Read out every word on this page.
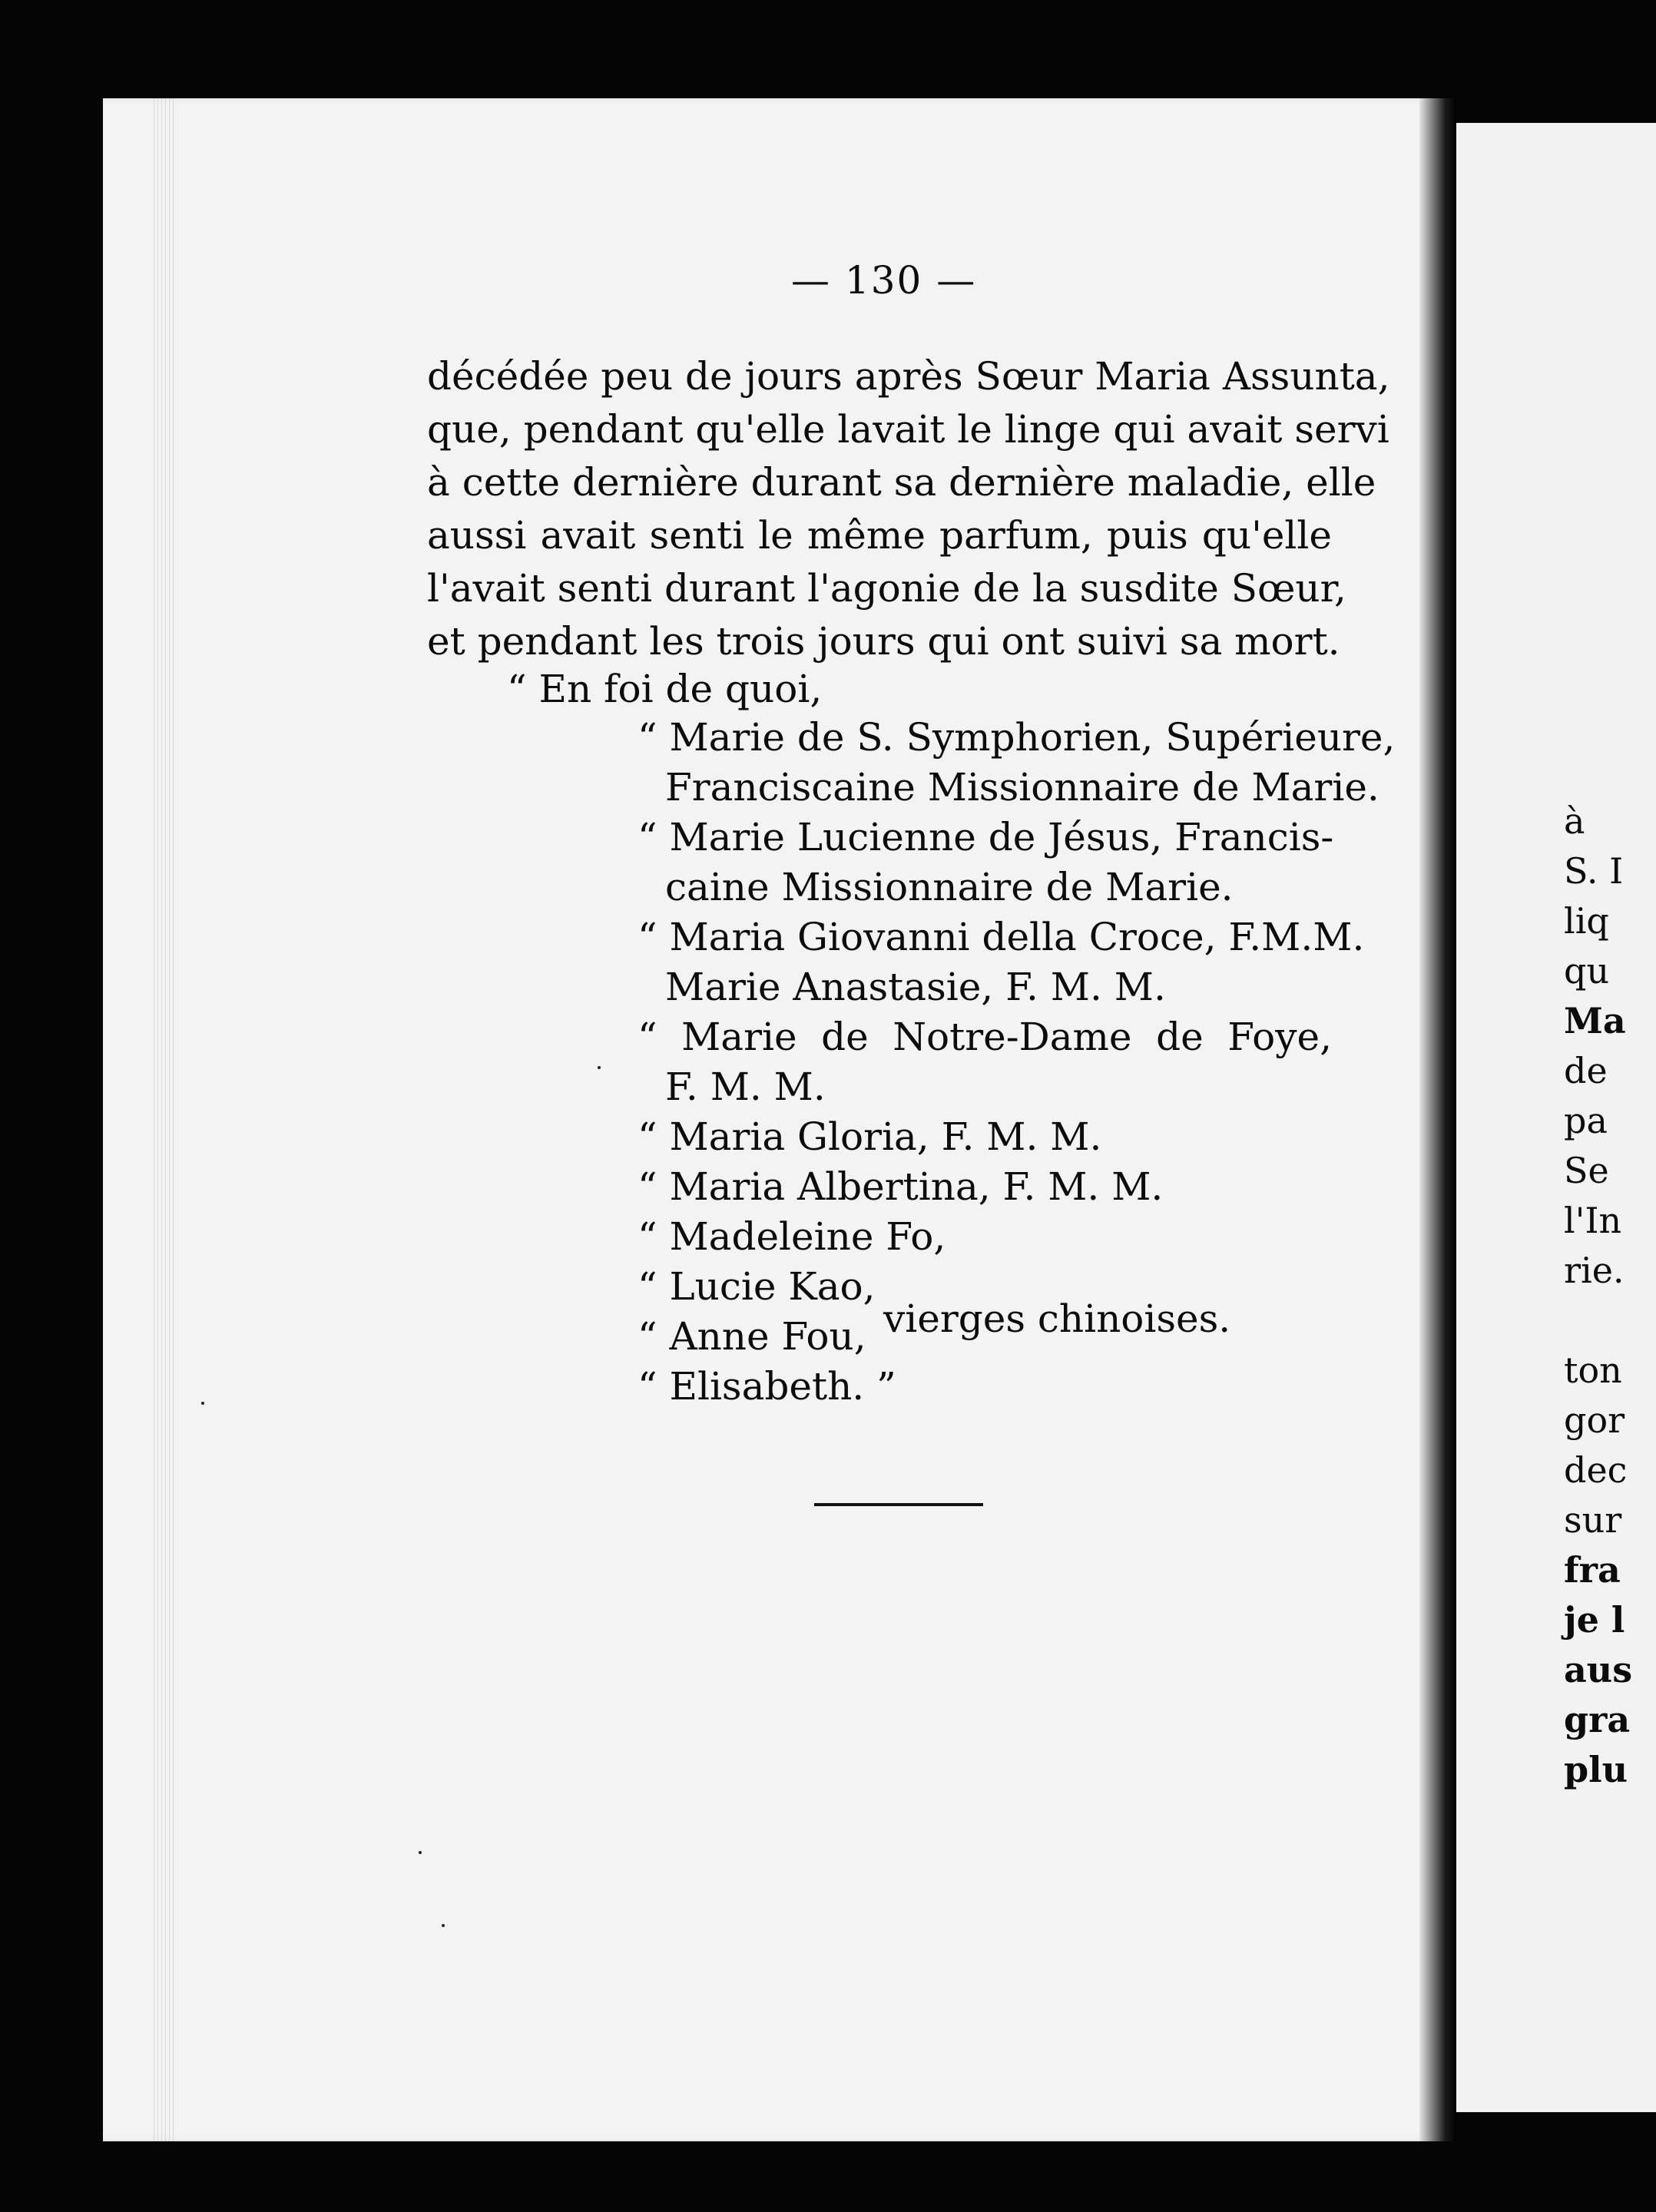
— 130 —
décédée peu de jours après Sœur Maria Assunta,
que, pendant qu'elle lavait le linge qui avait servi
à cette dernière durant sa dernière maladie, elle
aussi avait senti le même parfum, puis qu'elle
l'avait senti durant l'agonie de la susdite Sœur,
et pendant les trois jours qui ont suivi sa mort.
“ En foi de quoi,
“ Marie de S. Symphorien, Supérieure,
Franciscaine Missionnaire de Marie.
“ Marie Lucienne de Jésus, Francis-
caine Missionnaire de Marie.
“ Maria Giovanni della Croce, F.M.M.
Marie Anastasie, F. M. M.
“ Marie de Notre-Dame de Foye,
F. M. M.
“ Maria Gloria, F. M. M.
“ Maria Albertina, F. M. M.
“ Madeleine Fo,
“ Lucie Kao,
“ Anne Fou,
“ Elisabeth. ”
vierges chinoises.
à
S. I
liq
qu
Ma
de
pa
Se
l'In
rie.
ton
gor
dec
sur
fra
je l
aus
gra
plu
